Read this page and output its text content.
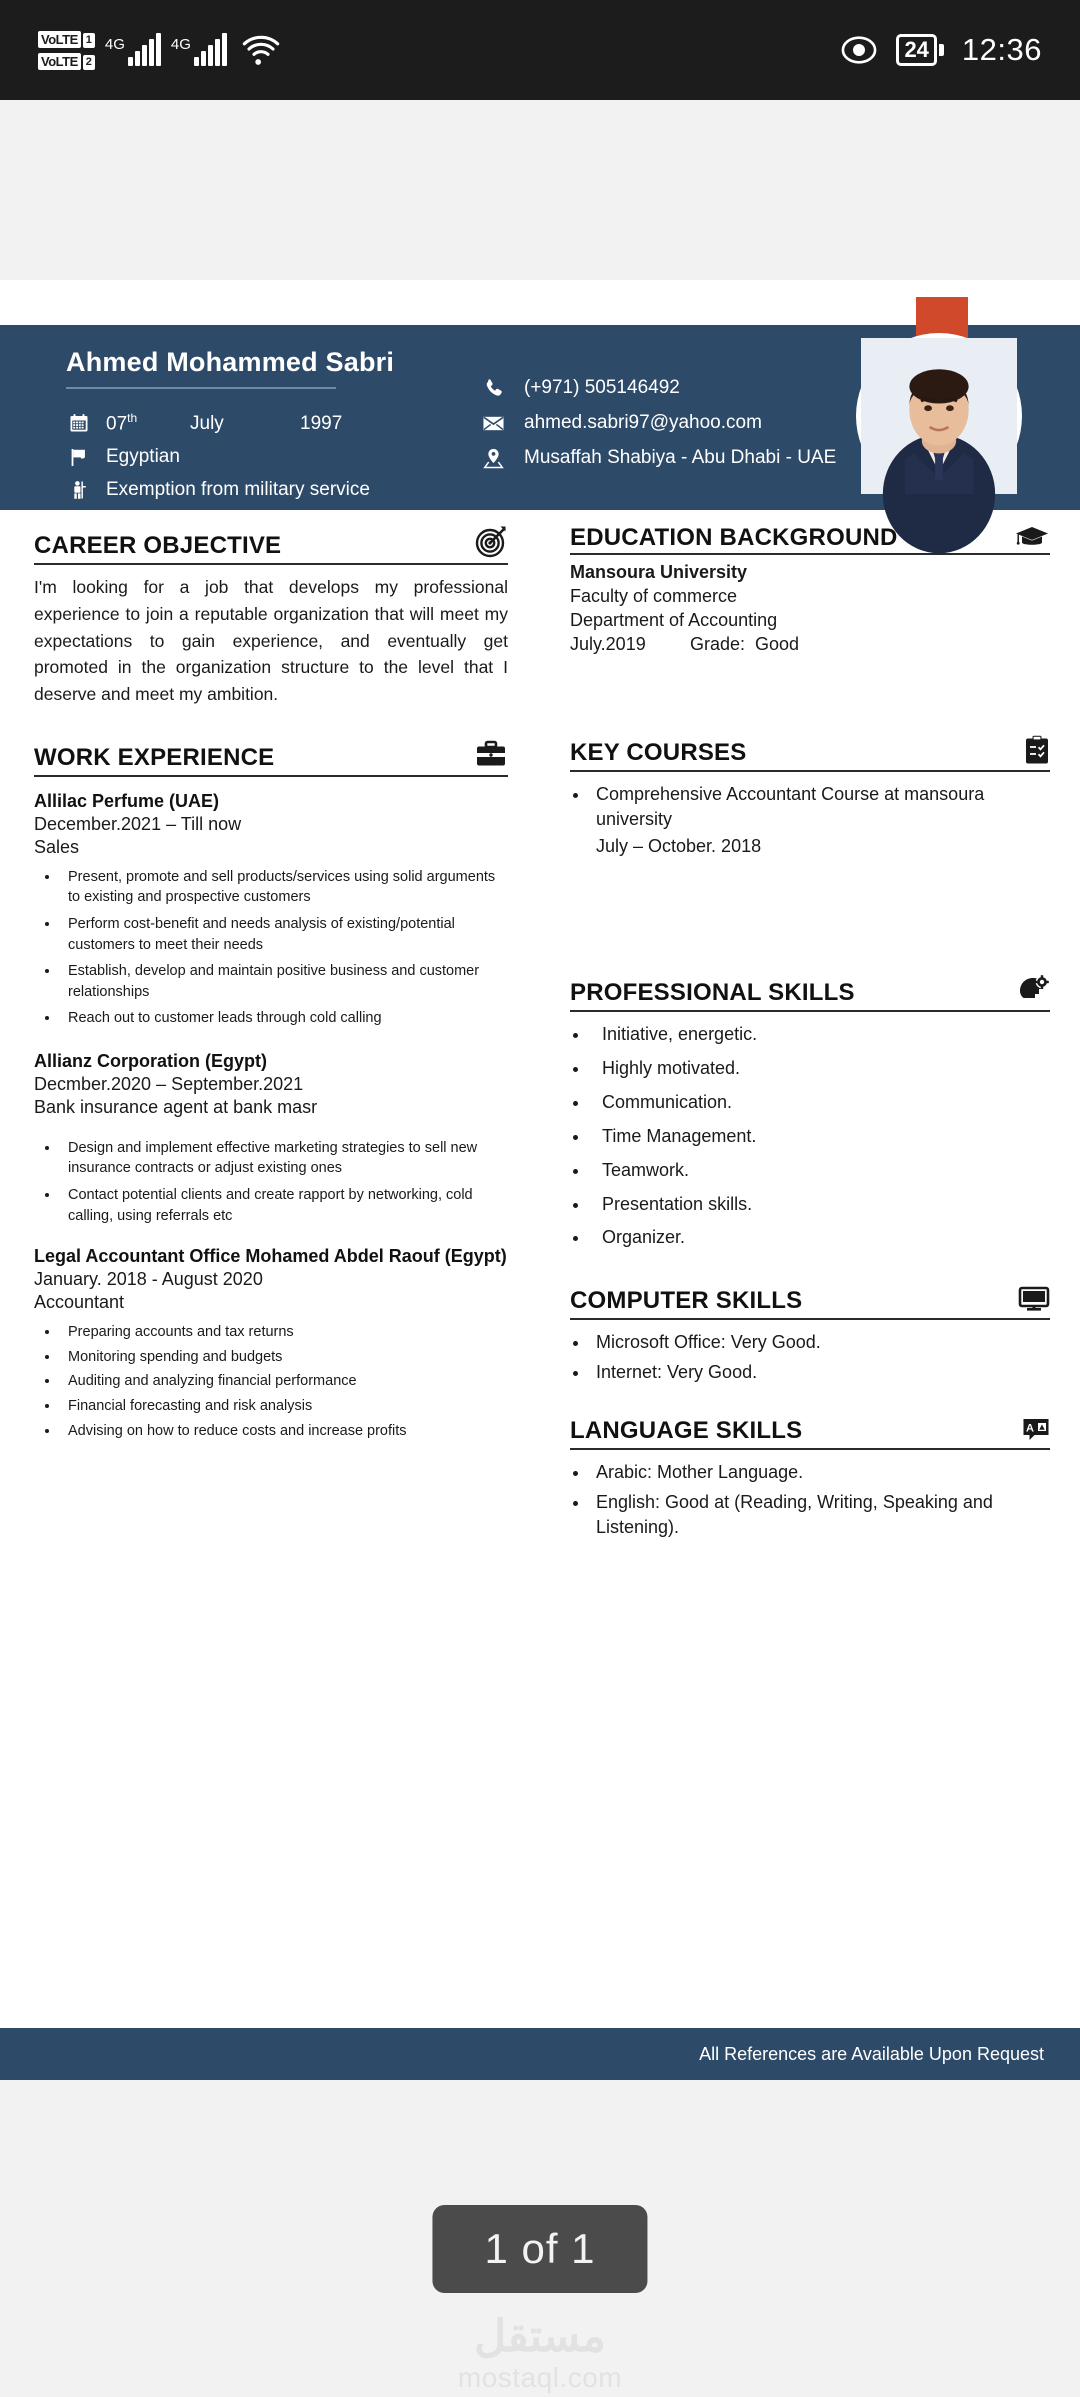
VoLTE 1
VoLTE 2
4G	4G	24 12:36
Ahmed Mohammed Sabri
07th	July	1997
Egyptian
Exemption from military service
(+971) 505146492
ahmed.sabri97@yahoo.com
Musaffah Shabiya - Abu Dhabi - UAE
CAREER OBJECTIVE

I'm looking for a job that develops my professional experience to join a reputable organization that will meet my expectations to gain experience, and eventually get promoted in the organization structure to the level that I deserve and meet my ambition.

WORK EXPERIENCE
Allilac Perfume (UAE)
December.2021 – Till now
Sales
• Present, promote and sell products/services using solid arguments to existing and prospective customers
• Perform cost-benefit and needs analysis of existing/potential customers to meet their needs
• Establish, develop and maintain positive business and customer relationships
• Reach out to customer leads through cold calling
Allianz Corporation (Egypt)
Decmber.2020 – September.2021
Bank insurance agent at bank masr
• Design and implement effective marketing strategies to sell new insurance contracts or adjust existing ones
• Contact potential clients and create rapport by networking, cold calling, using referrals etc
Legal Accountant Office Mohamed Abdel Raouf (Egypt)
January. 2018 - August 2020
Accountant
• Preparing accounts and tax returns
• Monitoring spending and budgets
• Auditing and analyzing financial performance
• Financial forecasting and risk analysis
• Advising on how to reduce costs and increase profits
EDUCATION BACKGROUND
Mansoura University
Faculty of commerce
Department of Accounting
July.2019	Grade: Good
KEY COURSES
• Comprehensive Accountant Course at mansoura university
July – October. 2018
PROFESSIONAL SKILLS
• Initiative, energetic.
• Highly motivated.
• Communication.
• Time Management.
• Teamwork.
• Presentation skills.
• Organizer.
COMPUTER SKILLS
• Microsoft Office: Very Good.
• Internet: Very Good.
LANGUAGE SKILLS	A
• Arabic: Mother Language.
• English: Good at (Reading, Writing, Speaking and Listening).
All References are Available Upon Request
1 of 1
مستقل
mostaql.com
